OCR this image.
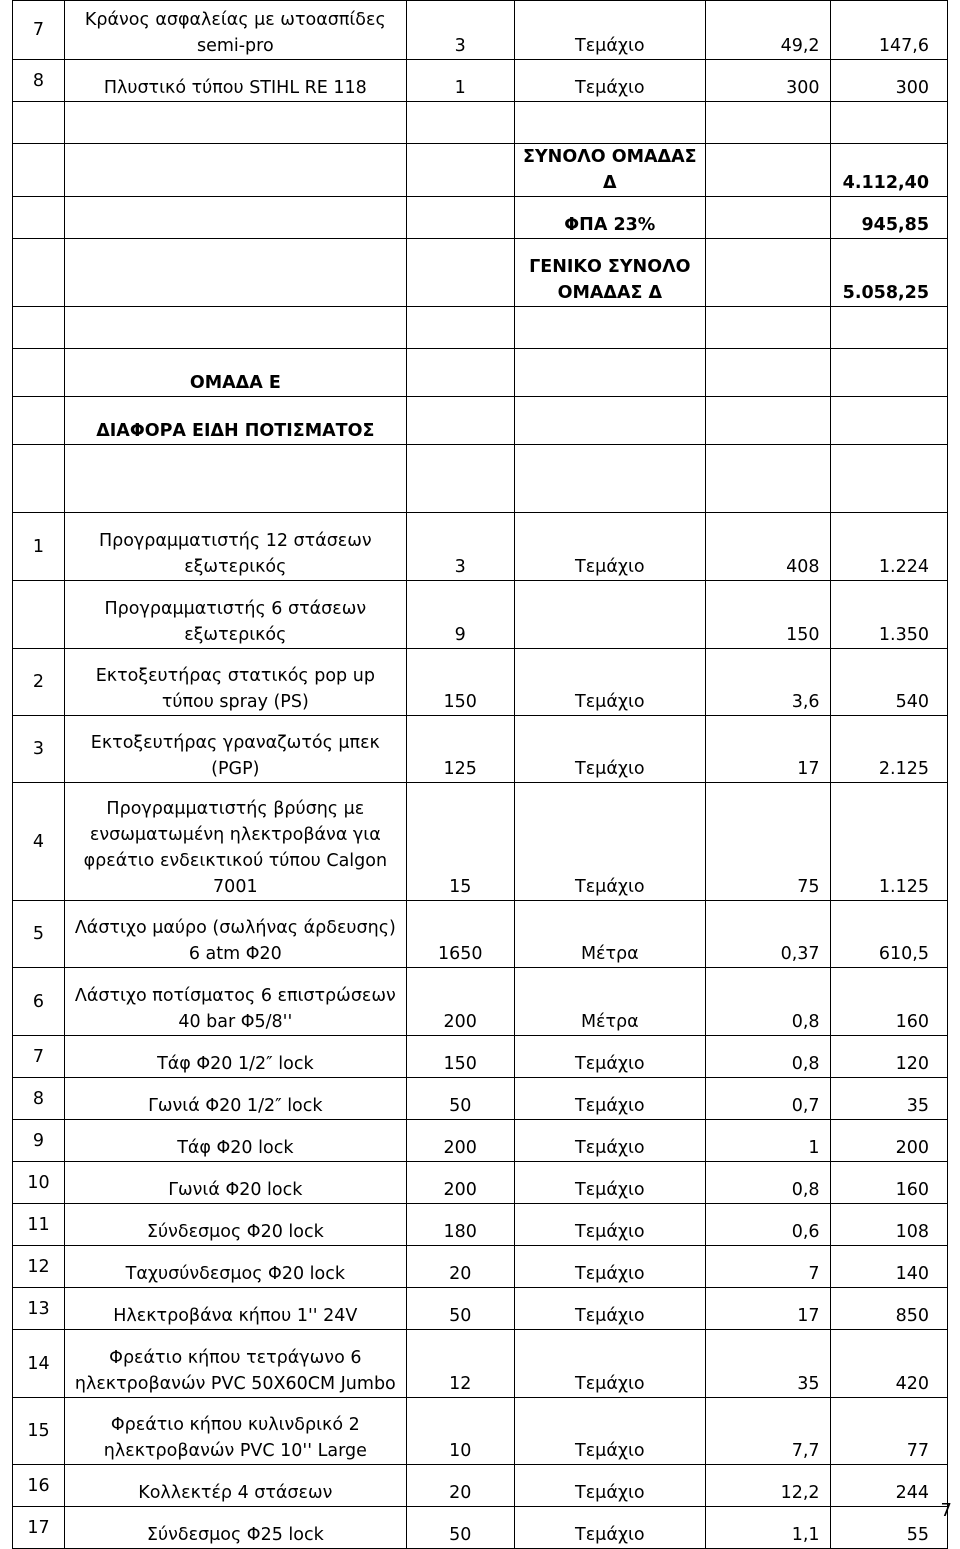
7	Κράνος ασφαλείας με ωτοασπίδες semi-pro	3	Τεμάχιο	49,2	147,6
8	Πλυστικό τύπου STIHL RE 118	1	Τεμάχιο	300	300

			ΣΥΝΟΛΟ ΟΜΑΔΑΣ Δ		4.112,40
			ΦΠΑ 23%		945,85
			ΓΕΝΙΚΟ ΣΥΝΟΛΟ ΟΜΑΔΑΣ Δ		5.058,25

	ΟΜΑΔΑ Ε				
	ΔΙΑΦΟΡΑ ΕΙΔΗ ΠΟΤΙΣΜΑΤΟΣ				

1	Προγραμματιστής 12 στάσεων εξωτερικός	3	Τεμάχιο	408	1.224
	Προγραμματιστής 6 στάσεων εξωτερικός	9		150	1.350
2	Εκτοξευτήρας στατικός pop up τύπου spray (PS)	150	Τεμάχιο	3,6	540
3	Εκτοξευτήρας γραναζωτός μπεκ (PGP)	125	Τεμάχιο	17	2.125
4	Προγραμματιστής βρύσης με ενσωματωμένη ηλεκτροβάνα για φρεάτιο ενδεικτικού τύπου Calgon 7001	15	Τεμάχιο	75	1.125
5	Λάστιχο μαύρο (σωλήνας άρδευσης) 6 atm Φ20	1650	Μέτρα	0,37	610,5
6	Λάστιχο ποτίσματος 6 επιστρώσεων 40 bar Φ5/8''	200	Μέτρα	0,8	160
7	Τάφ Φ20 1/2″ lock	150	Τεμάχιο	0,8	120
8	Γωνιά Φ20 1/2″ lock	50	Τεμάχιο	0,7	35
9	Τάφ Φ20 lock	200	Τεμάχιο	1	200
10	Γωνιά Φ20 lock	200	Τεμάχιο	0,8	160
11	Σύνδεσμος Φ20 lock	180	Τεμάχιο	0,6	108
12	Ταχυσύνδεσμος Φ20 lock	20	Τεμάχιο	7	140
13	Ηλεκτροβάνα κήπου 1'' 24V	50	Τεμάχιο	17	850
14	Φρεάτιο κήπου τετράγωνο 6 ηλεκτροβανών PVC 50X60CM Jumbo	12	Τεμάχιο	35	420
15	Φρεάτιο κήπου κυλινδρικό 2 ηλεκτροβανών PVC 10'' Large	10	Τεμάχιο	7,7	77
16	Κολλεκτέρ 4 στάσεων	20	Τεμάχιο	12,2	244
17	Σύνδεσμος Φ25 lock	50	Τεμάχιο	1,1	55
7
